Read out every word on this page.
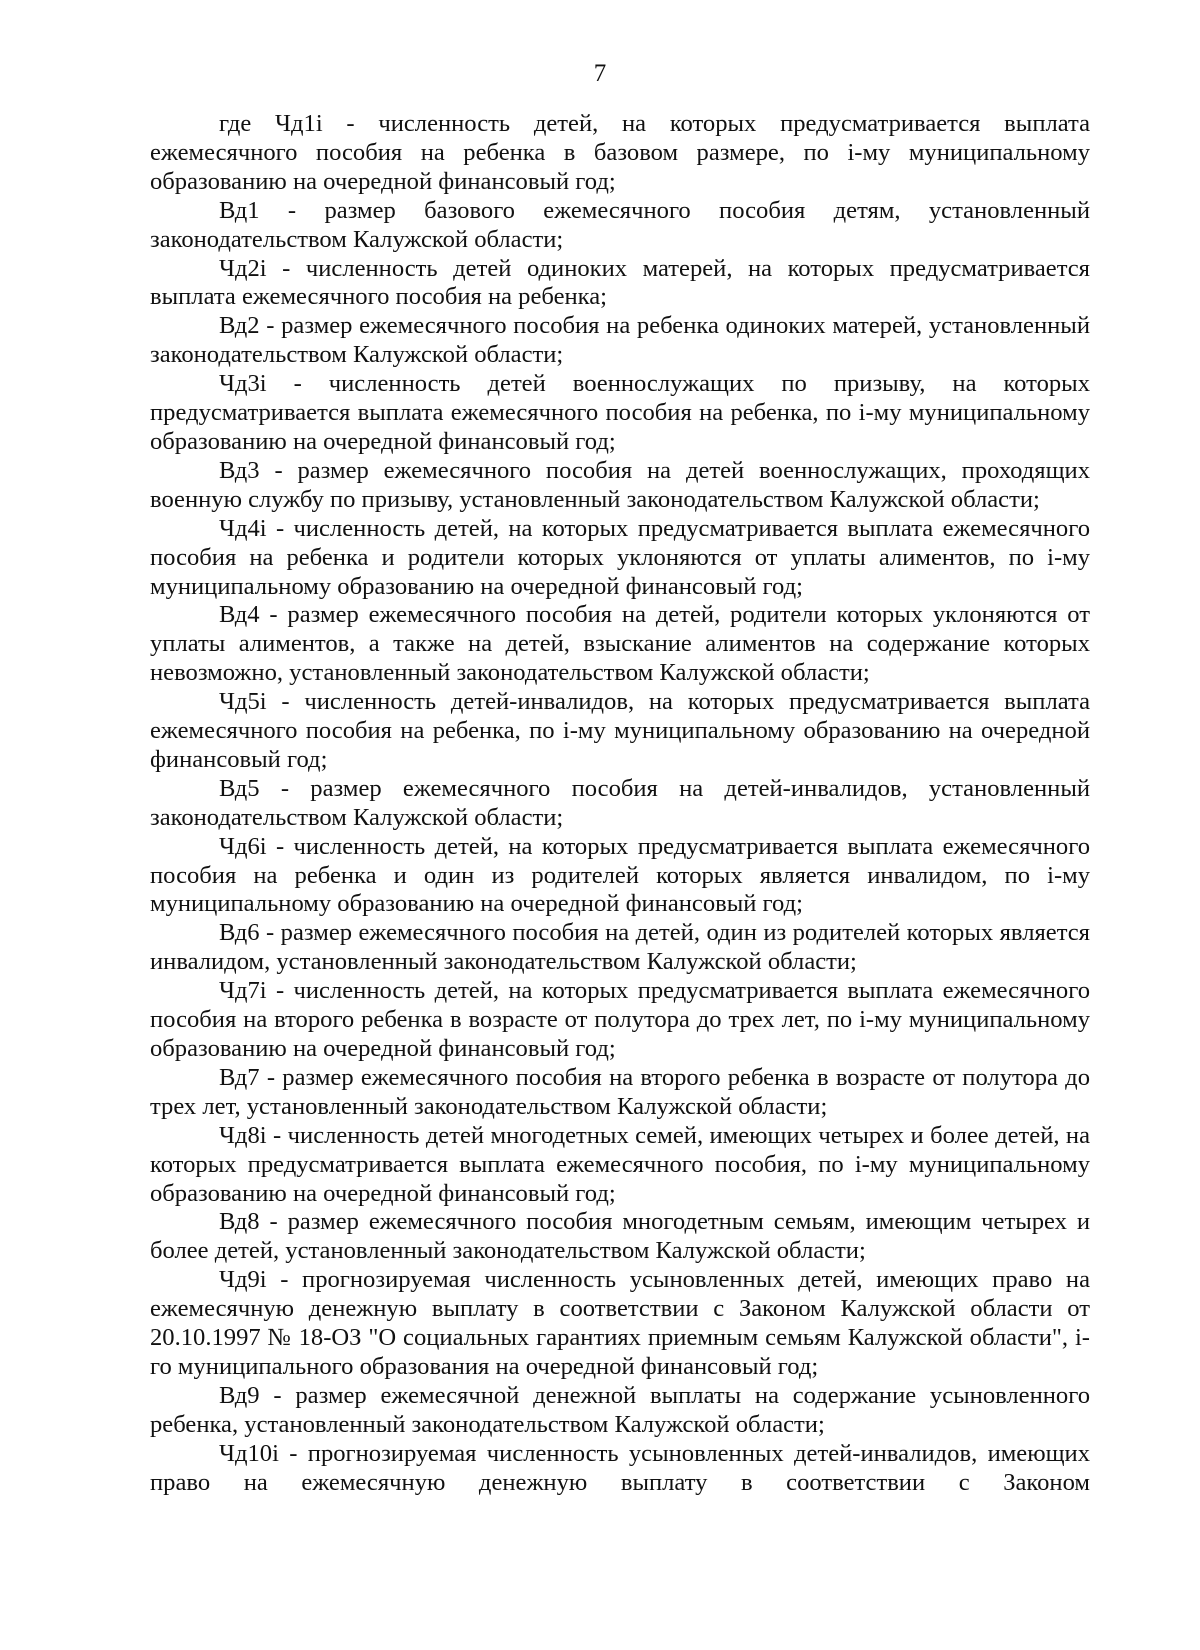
7

где Чд1i - численность детей, на которых предусматривается выплата ежемесячного пособия на ребенка в базовом размере, по i-му муниципальному образованию на очередной финансовый год;

Вд1 - размер базового ежемесячного пособия детям, установленный законодательством Калужской области;

Чд2i - численность детей одиноких матерей, на которых предусматривается выплата ежемесячного пособия на ребенка;

Вд2 - размер ежемесячного пособия на ребенка одиноких матерей, установленный законодательством Калужской области;

Чд3i - численность детей военнослужащих по призыву, на которых предусматривается выплата ежемесячного пособия на ребенка, по i-му муниципальному образованию на очередной финансовый год;

Вд3 - размер ежемесячного пособия на детей военнослужащих, проходящих военную службу по призыву, установленный законодательством Калужской области;

Чд4i - численность детей, на которых предусматривается выплата ежемесячного пособия на ребенка и родители которых уклоняются от уплаты алиментов, по i-му муниципальному образованию на очередной финансовый год;

Вд4 - размер ежемесячного пособия на детей, родители которых уклоняются от уплаты алиментов, а также на детей, взыскание алиментов на содержание которых невозможно, установленный законодательством Калужской области;

Чд5i - численность детей-инвалидов, на которых предусматривается выплата ежемесячного пособия на ребенка, по i-му муниципальному образованию на очередной финансовый год;

Вд5 - размер ежемесячного пособия на детей-инвалидов, установленный законодательством Калужской области;

Чд6i - численность детей, на которых предусматривается выплата ежемесячного пособия на ребенка и один из родителей которых является инвалидом, по i-му муниципальному образованию на очередной финансовый год;

Вд6 - размер ежемесячного пособия на детей, один из родителей которых является инвалидом, установленный законодательством Калужской области;

Чд7i - численность детей, на которых предусматривается выплата ежемесячного пособия на второго ребенка в возрасте от полутора до трех лет, по i-му муниципальному образованию на очередной финансовый год;

Вд7 - размер ежемесячного пособия на второго ребенка в возрасте от полутора до трех лет, установленный законодательством Калужской области;

Чд8i - численность детей многодетных семей, имеющих четырех и более детей, на которых предусматривается выплата ежемесячного пособия, по i-му муниципальному образованию на очередной финансовый год;

Вд8 - размер ежемесячного пособия многодетным семьям, имеющим четырех и более детей, установленный законодательством Калужской области;

Чд9i - прогнозируемая численность усыновленных детей, имеющих право на ежемесячную денежную выплату в соответствии с Законом Калужской области от 20.10.1997 № 18-ОЗ "О социальных гарантиях приемным семьям Калужской области", i-го муниципального образования на очередной финансовый год;

Вд9 - размер ежемесячной денежной выплаты на содержание усыновленного ребенка, установленный законодательством Калужской области;

Чд10i - прогнозируемая численность усыновленных детей-инвалидов, имеющих право на ежемесячную денежную выплату в соответствии с Законом
